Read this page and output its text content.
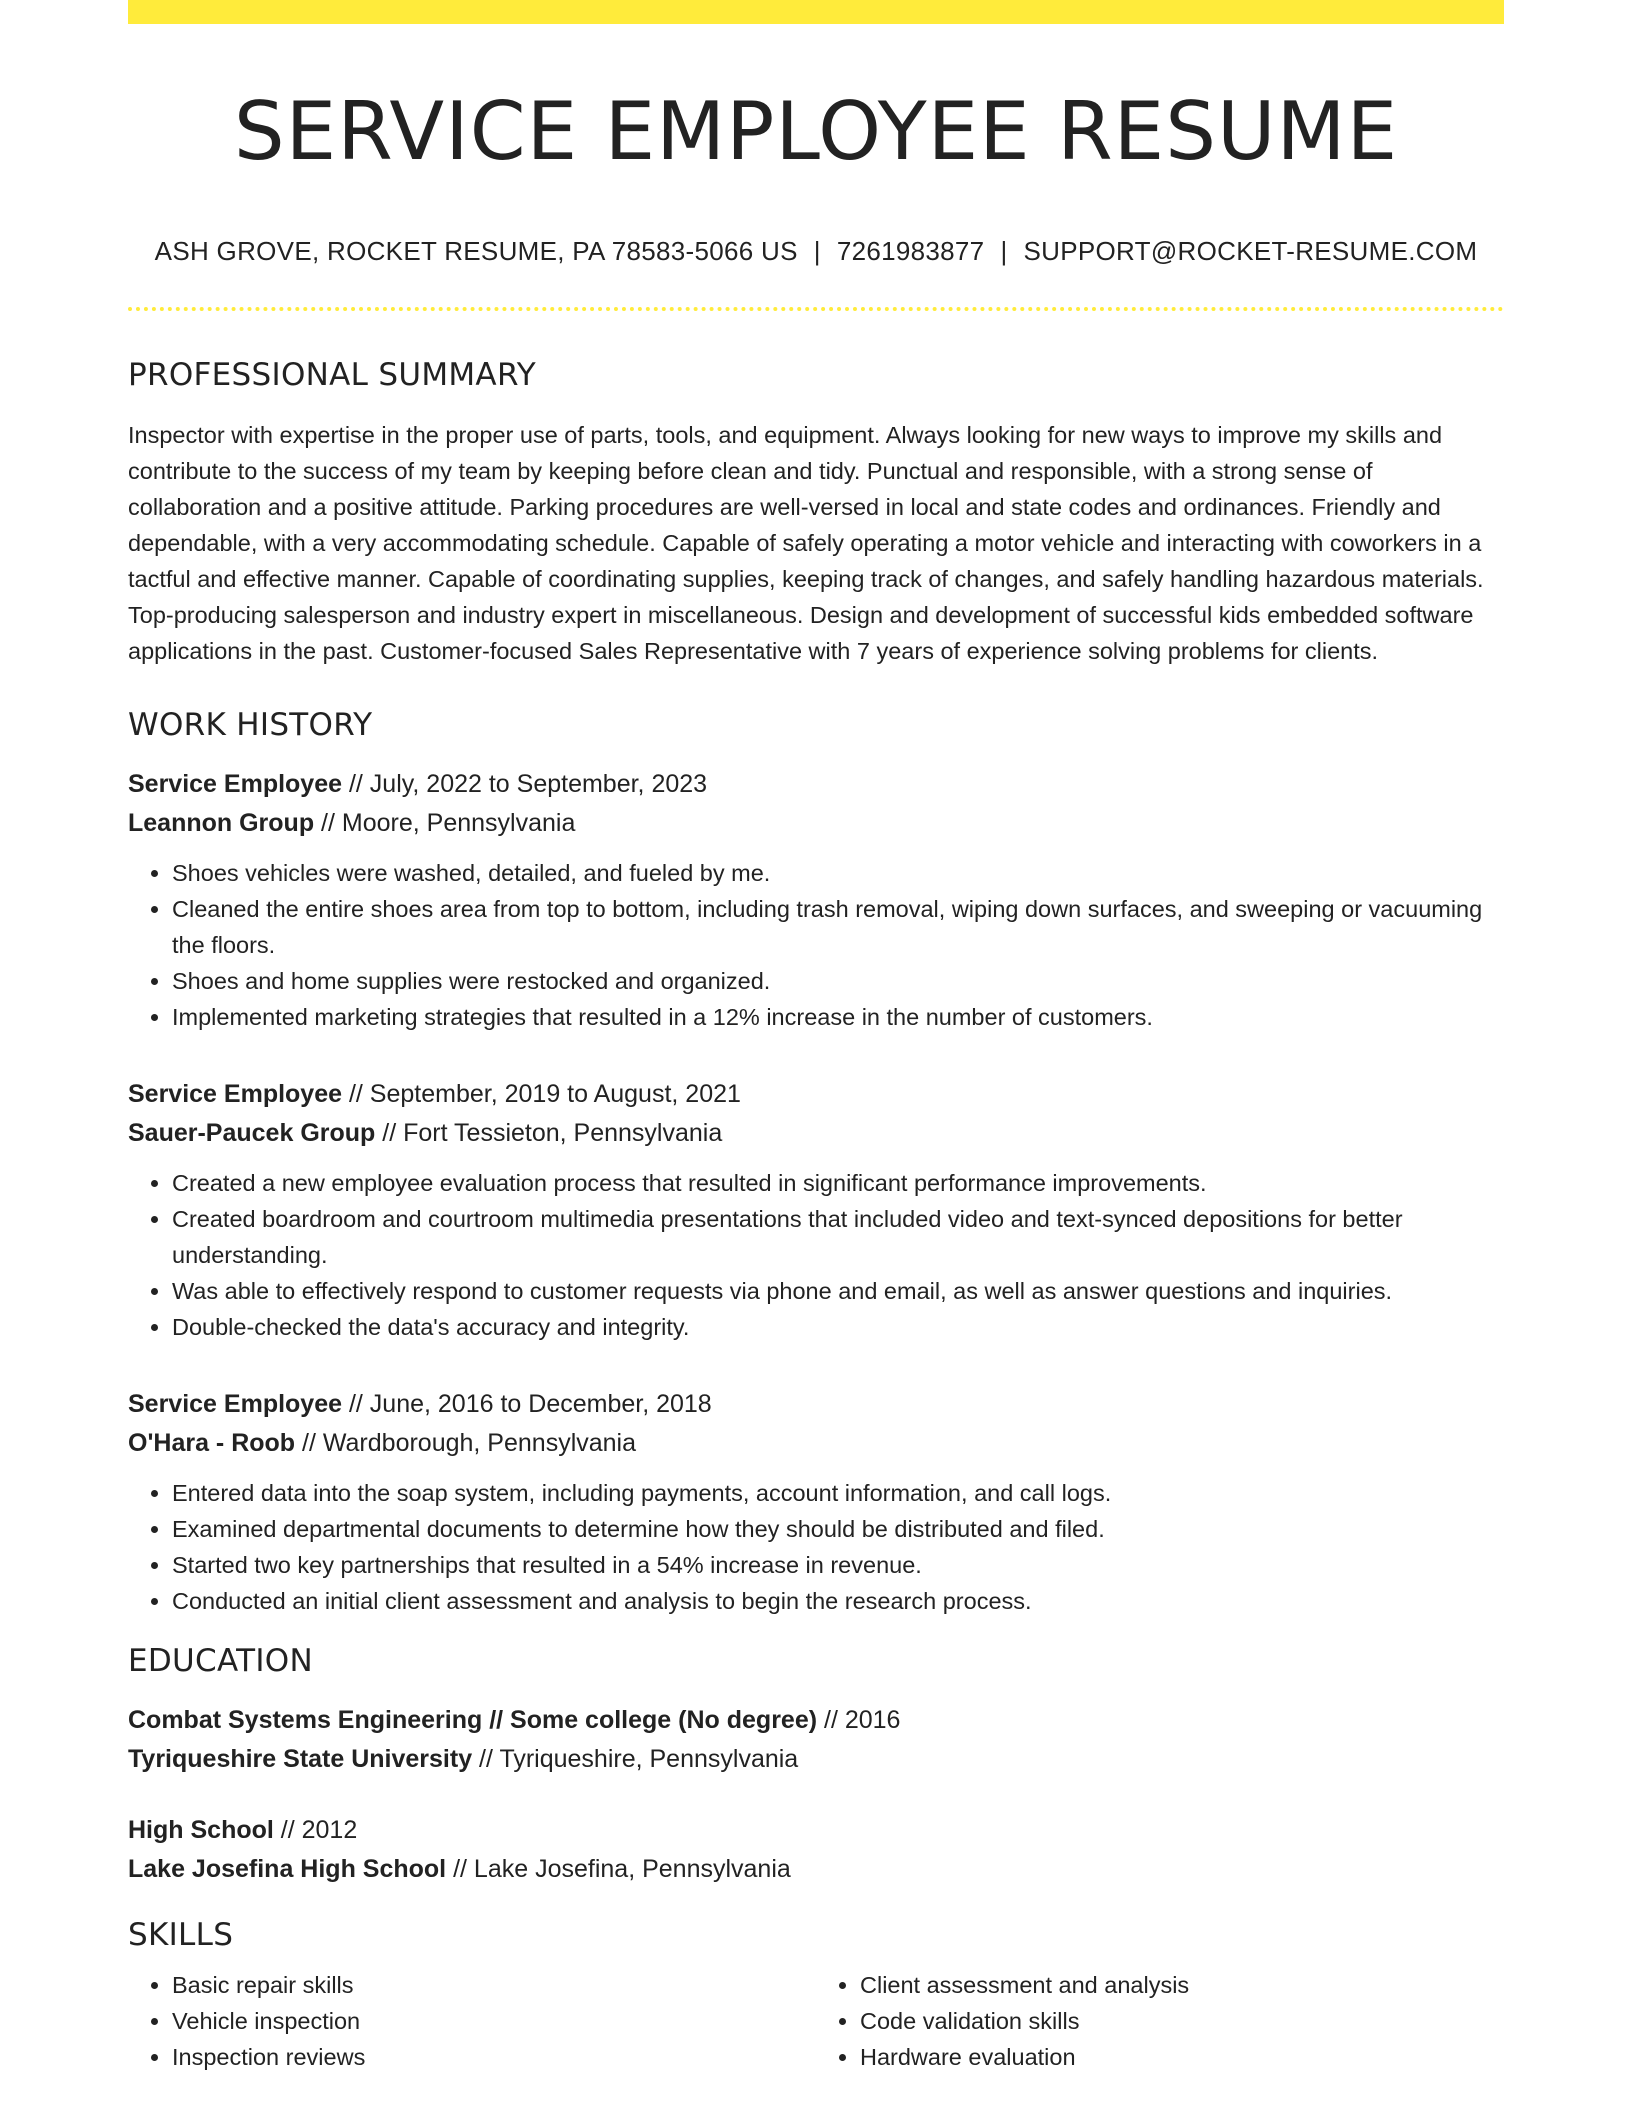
SERVICE EMPLOYEE RESUME
ASH GROVE, ROCKET RESUME, PA 78583-5066 US | 7261983877 | SUPPORT@ROCKET-RESUME.COM
PROFESSIONAL SUMMARY

Inspector with expertise in the proper use of parts, tools, and equipment. Always looking for new ways to improve my skills and contribute to the success of my team by keeping before clean and tidy. Punctual and responsible, with a strong sense of collaboration and a positive attitude. Parking procedures are well-versed in local and state codes and ordinances. Friendly and dependable, with a very accommodating schedule. Capable of safely operating a motor vehicle and interacting with coworkers in a tactful and effective manner. Capable of coordinating supplies, keeping track of changes, and safely handling hazardous materials. Top-producing salesperson and industry expert in miscellaneous. Design and development of successful kids embedded software applications in the past. Customer-focused Sales Representative with 7 years of experience solving problems for clients.

WORK HISTORY
Service Employee // July, 2022 to September, 2023
Leannon Group // Moore, Pennsylvania
• Shoes vehicles were washed, detailed, and fueled by me.
• Cleaned the entire shoes area from top to bottom, including trash removal, wiping down surfaces, and sweeping or vacuuming the floors.
• Shoes and home supplies were restocked and organized.
• Implemented marketing strategies that resulted in a 12% increase in the number of customers.
Service Employee // September, 2019 to August, 2021
Sauer-Paucek Group // Fort Tessieton, Pennsylvania
• Created a new employee evaluation process that resulted in significant performance improvements.
• Created boardroom and courtroom multimedia presentations that included video and text-synced depositions for better understanding.
• Was able to effectively respond to customer requests via phone and email, as well as answer questions and inquiries.
• Double-checked the data's accuracy and integrity.
Service Employee // June, 2016 to December, 2018
O'Hara - Roob // Wardborough, Pennsylvania
• Entered data into the soap system, including payments, account information, and call logs.
• Examined departmental documents to determine how they should be distributed and filed.
• Started two key partnerships that resulted in a 54% increase in revenue.
• Conducted an initial client assessment and analysis to begin the research process.
EDUCATION
Combat Systems Engineering // Some college (No degree) // 2016
Tyriqueshire State University // Tyriqueshire, Pennsylvania
High School // 2012
Lake Josefina High School // Lake Josefina, Pennsylvania
SKILLS
• Basic repair skills
• Vehicle inspection
• Inspection reviews
• Client assessment and analysis
• Code validation skills
• Hardware evaluation
